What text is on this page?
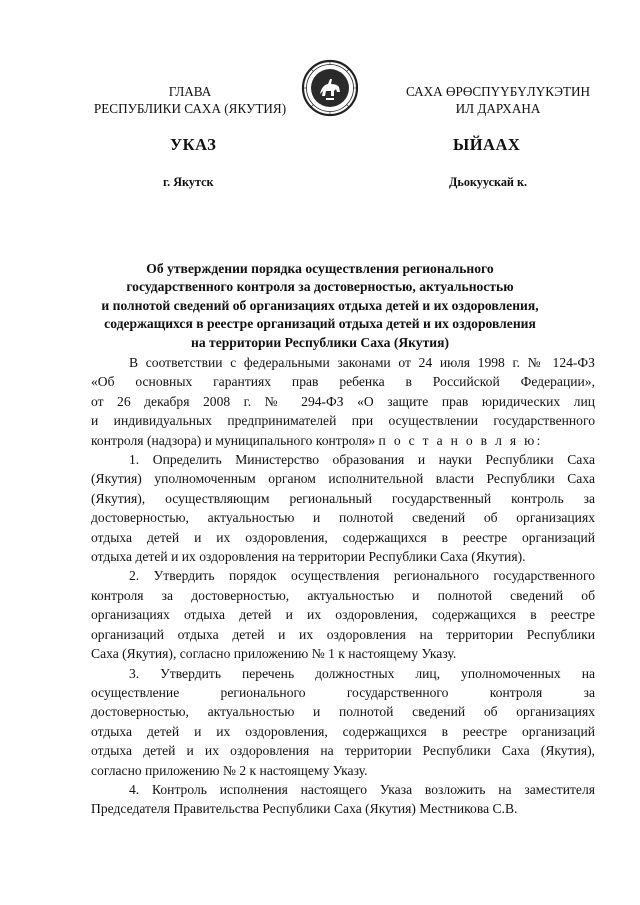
ГЛАВА
РЕСПУБЛИКИ САХА (ЯКУТИЯ)
САХА ӨРӨСПҮҮБҮЛҮКЭТИН
ИЛ ДАРХАНА
УКАЗ	ЫЙААХ
г. Якутск	Дьокуускай к.
Об утверждении порядка осуществления регионального
государственного контроля за достоверностью, актуальностью
и полнотой сведений об организациях отдыха детей и их оздоровления,
содержащихся в реестре организаций отдыха детей и их оздоровления
на территории Республики Саха (Якутия)
В соответствии с федеральными законами от 24 июля 1998 г. № 124-ФЗ
«Об основных гарантиях прав ребенка в Российской Федерации»,
от 26 декабря 2008 г. № 294-ФЗ «О защите прав юридических лиц
и индивидуальных предпринимателей при осуществлении государственного
контроля (надзора) и муниципального контроля» п о с т а н о в л я ю:
1. Определить Министерство образования и науки Республики Саха
(Якутия) уполномоченным органом исполнительной власти Республики Саха
(Якутия), осуществляющим региональный государственный контроль за
достоверностью, актуальностью и полнотой сведений об организациях
отдыха детей и их оздоровления, содержащихся в реестре организаций
отдыха детей и их оздоровления на территории Республики Саха (Якутия).
2. Утвердить порядок осуществления регионального государственного
контроля за достоверностью, актуальностью и полнотой сведений об
организациях отдыха детей и их оздоровления, содержащихся в реестре
организаций отдыха детей и их оздоровления на территории Республики
Саха (Якутия), согласно приложению № 1 к настоящему Указу.
3. Утвердить перечень должностных лиц, уполномоченных на
осуществление регионального государственного контроля за
достоверностью, актуальностью и полнотой сведений об организациях
отдыха детей и их оздоровления, содержащихся в реестре организаций
отдыха детей и их оздоровления на территории Республики Саха (Якутия),
согласно приложению № 2 к настоящему Указу.
4. Контроль исполнения настоящего Указа возложить на заместителя
Председателя Правительства Республики Саха (Якутия) Местникова С.В.
